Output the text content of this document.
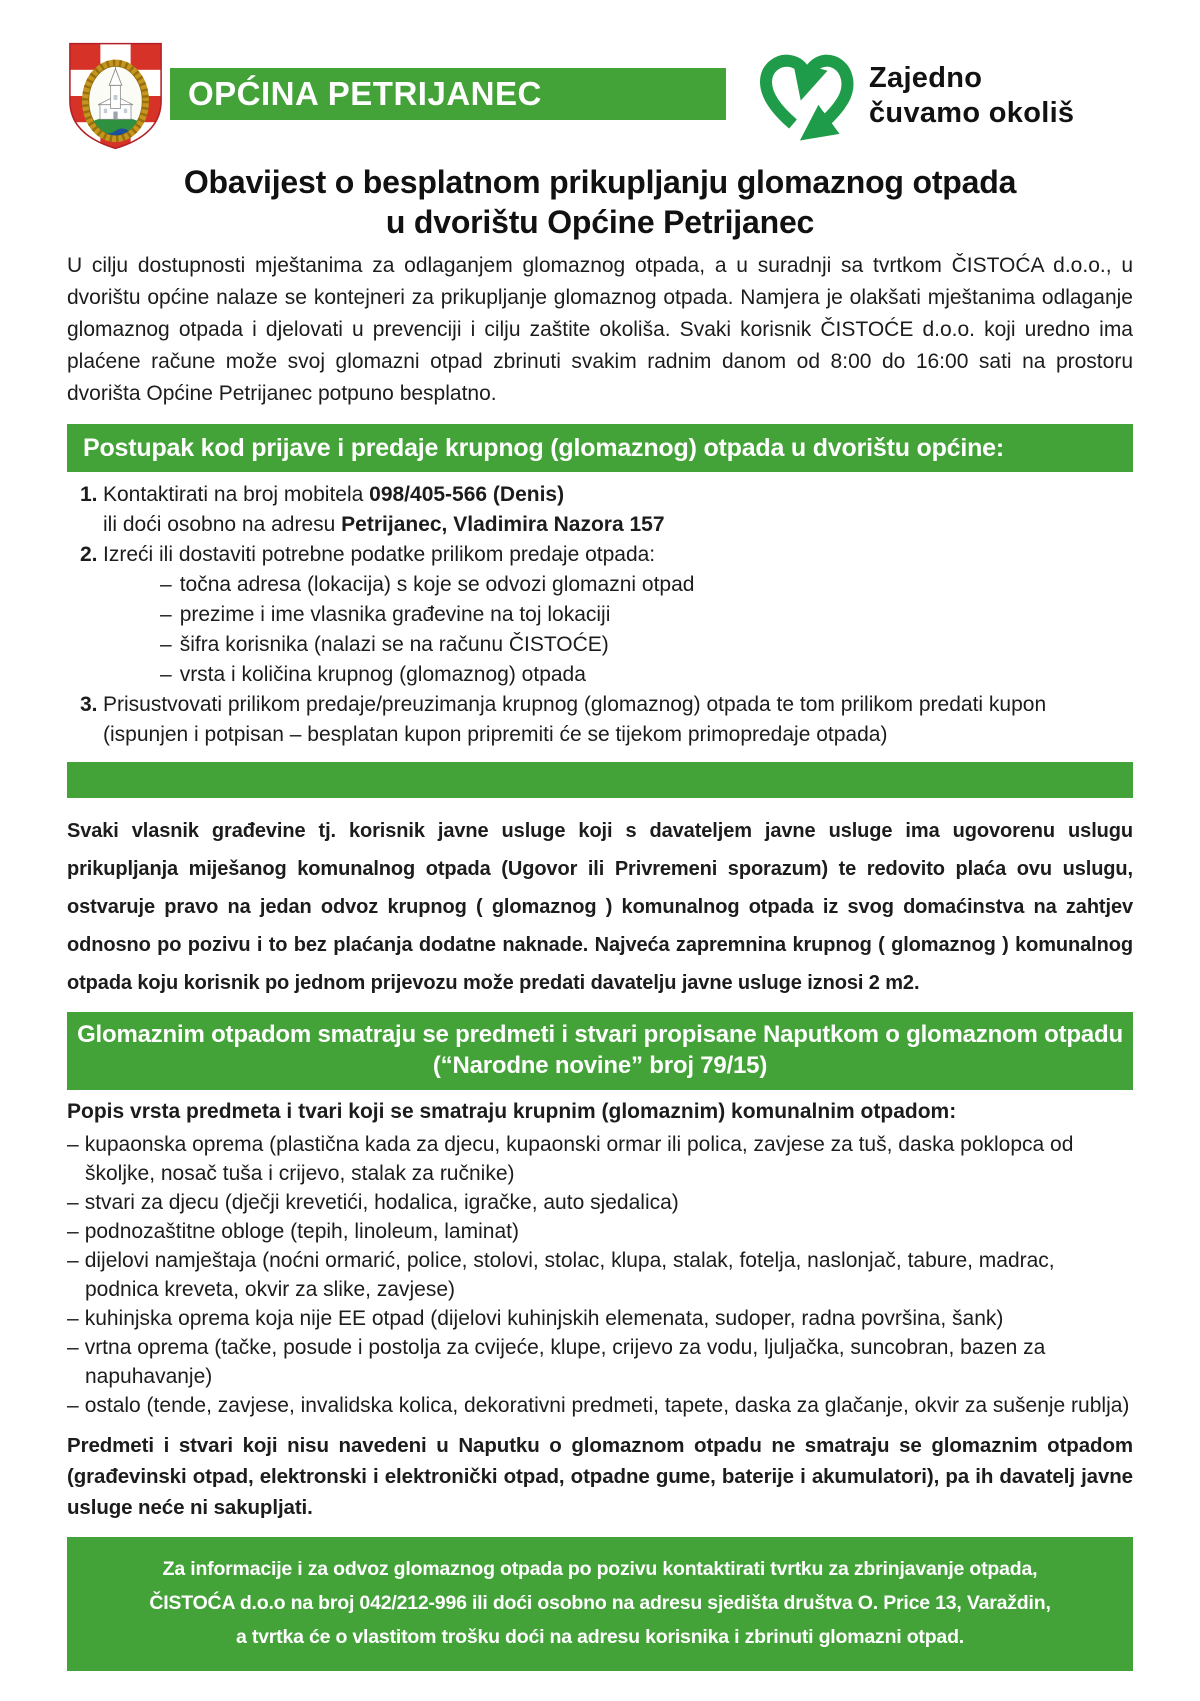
OPĆINA PETRIJANEC	Zajedno
čuvamo okoliš
Obavijest o besplatnom prikupljanju glomaznog otpada
u dvorištu Općine Petrijanec

U cilju dostupnosti mještanima za odlaganjem glomaznog otpada, a u suradnji sa tvrtkom ČISTOĆA d.o.o., u dvorištu općine nalaze se kontejneri za prikupljanje glomaznog otpada. Namjera je olakšati mještanima odlaganje glomaznog otpada i djelovati u prevenciji i cilju zaštite okoliša. Svaki korisnik ČISTOĆE d.o.o. koji uredno ima plaćene račune može svoj glomazni otpad zbrinuti svakim radnim danom od 8:00 do 16:00 sati na prostoru dvorišta Općine Petrijanec potpuno besplatno.

Postupak kod prijave i predaje krupnog (glomaznog) otpada u dvorištu općine:
1. Kontaktirati na broj mobitela 098/405-566 (Denis)
ili doći osobno na adresu Petrijanec, Vladimira Nazora 157
2. Izreći ili dostaviti potrebne podatke prilikom predaje otpada:
– točna adresa (lokacija) s koje se odvozi glomazni otpad
– prezime i ime vlasnika građevine na toj lokaciji
– šifra korisnika (nalazi se na računu ČISTOĆE)
– vrsta i količina krupnog (glomaznog) otpada
3. Prisustvovati prilikom predaje/preuzimanja krupnog (glomaznog) otpada te tom prilikom predati kupon (ispunjen i potpisan – besplatan kupon pripremiti će se tijekom primopredaje otpada)

Svaki vlasnik građevine tj. korisnik javne usluge koji s davateljem javne usluge ima ugovorenu uslugu prikupljanja miješanog komunalnog otpada (Ugovor ili Privremeni sporazum) te redovito plaća ovu uslugu, ostvaruje pravo na jedan odvoz krupnog ( glomaznog ) komunalnog otpada iz svog domaćinstva na zahtjev odnosno po pozivu i to bez plaćanja dodatne naknade. Najveća zapremnina krupnog ( glomaznog ) komunalnog otpada koju korisnik po jednom prijevozu može predati davatelju javne usluge iznosi 2 m2.

Glomaznim otpadom smatraju se predmeti i stvari propisane Naputkom o glomaznom otpadu
(“Narodne novine” broj 79/15)

Popis vrsta predmeta i tvari koji se smatraju krupnim (glomaznim) komunalnim otpadom:

– kupaonska oprema (plastična kada za djecu, kupaonski ormar ili polica, zavjese za tuš, daska poklopca od školjke, nosač tuša i crijevo, stalak za ručnike)
– stvari za djecu (dječji krevetići, hodalica, igračke, auto sjedalica)
– podnozaštitne obloge (tepih, linoleum, laminat)
– dijelovi namještaja (noćni ormarić, police, stolovi, stolac, klupa, stalak, fotelja, naslonjač, tabure, madrac, podnica kreveta, okvir za slike, zavjese)
– kuhinjska oprema koja nije EE otpad (dijelovi kuhinjskih elemenata, sudoper, radna površina, šank)
– vrtna oprema (tačke, posude i postolja za cvijeće, klupe, crijevo za vodu, ljuljačka, suncobran, bazen za napuhavanje)
– ostalo (tende, zavjese, invalidska kolica, dekorativni predmeti, tapete, daska za glačanje, okvir za sušenje rublja)

Predmeti i stvari koji nisu navedeni u Naputku o glomaznom otpadu ne smatraju se glomaznim otpadom (građevinski otpad, elektronski i elektronički otpad, otpadne gume, baterije i akumulatori), pa ih davatelj javne usluge neće ni sakupljati.

Za informacije i za odvoz glomaznog otpada po pozivu kontaktirati tvrtku za zbrinjavanje otpada,
ČISTOĆA d.o.o na broj 042/212-996 ili doći osobno na adresu sjedišta društva O. Price 13, Varaždin,
a tvrtka će o vlastitom trošku doći na adresu korisnika i zbrinuti glomazni otpad.
